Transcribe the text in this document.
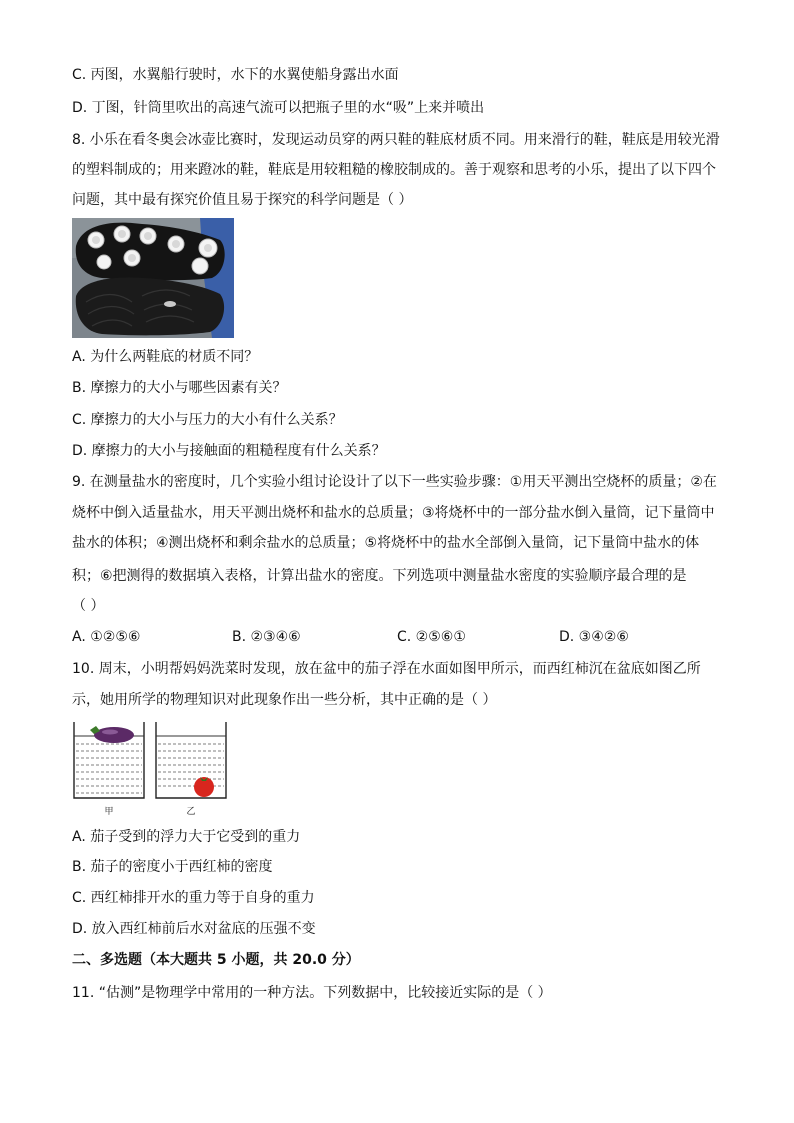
C. 丙图，水翼船行驶时，水下的水翼使船身露出水面
D. 丁图，针筒里吹出的高速气流可以把瓶子里的水“吸”上来并喷出
8. 小乐在看冬奥会冰壶比赛时，发现运动员穿的两只鞋的鞋底材质不同。用来滑行的鞋，鞋底是用较光滑
的塑料制成的；用来蹬冰的鞋，鞋底是用较粗糙的橡胶制成的。善于观察和思考的小乐，提出了以下四个
问题，其中最有探究价值且易于探究的科学问题是（ ）
A. 为什么两鞋底的材质不同？
B. 摩擦力的大小与哪些因素有关？
C. 摩擦力的大小与压力的大小有什么关系？
D. 摩擦力的大小与接触面的粗糙程度有什么关系？
9. 在测量盐水的密度时，几个实验小组讨论设计了以下一些实验步骤：①用天平测出空烧杯的质量；②在
烧杯中倒入适量盐水，用天平测出烧杯和盐水的总质量；③将烧杯中的一部分盐水倒入量筒，记下量筒中
盐水的体积；④测出烧杯和剩余盐水的总质量；⑤将烧杯中的盐水全部倒入量筒，记下量筒中盐水的体
积；⑥把测得的数据填入表格，计算出盐水的密度。下列选项中测量盐水密度的实验顺序最合理的是
（ ）
A. ①②⑤⑥	B. ②③④⑥	C. ②⑤⑥①	D. ③④②⑥
10. 周末，小明帮妈妈洗菜时发现，放在盆中的茄子浮在水面如图甲所示，而西红柿沉在盆底如图乙所
示，她用所学的物理知识对此现象作出一些分析，其中正确的是（ ）
甲	乙
A. 茄子受到的浮力大于它受到的重力
B. 茄子的密度小于西红柿的密度
C. 西红柿排开水的重力等于自身的重力
D. 放入西红柿前后水对盆底的压强不变
二、多选题（本大题共 5 小题，共 20.0 分）
11. “估测”是物理学中常用的一种方法。下列数据中，比较接近实际的是（ ）
